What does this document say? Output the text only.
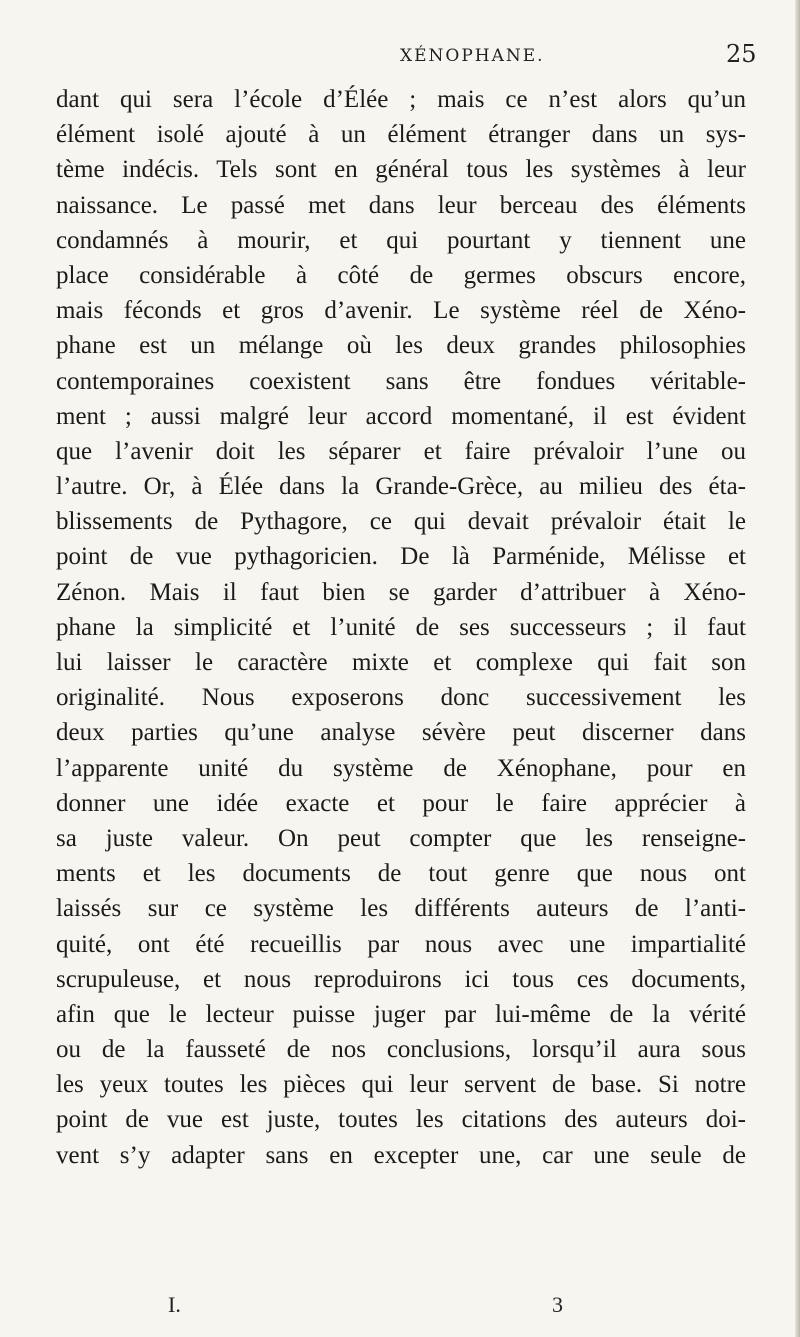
XÉNOPHANE.	25
dant qui sera l’école d’Élée ; mais ce n’est alors qu’un
élément isolé ajouté à un élément étranger dans un sys-
tème indécis. Tels sont en général tous les systèmes à leur
naissance. Le passé met dans leur berceau des éléments
condamnés à mourir, et qui pourtant y tiennent une
place considérable à côté de germes obscurs encore,
mais féconds et gros d’avenir. Le système réel de Xéno-
phane est un mélange où les deux grandes philosophies
contemporaines coexistent sans être fondues véritable-
ment ; aussi malgré leur accord momentané, il est évident
que l’avenir doit les séparer et faire prévaloir l’une ou
l’autre. Or, à Élée dans la Grande-Grèce, au milieu des éta-
blissements de Pythagore, ce qui devait prévaloir était le
point de vue pythagoricien. De là Parménide, Mélisse et
Zénon. Mais il faut bien se garder d’attribuer à Xéno-
phane la simplicité et l’unité de ses successeurs ; il faut
lui laisser le caractère mixte et complexe qui fait son
originalité. Nous exposerons donc successivement les
deux parties qu’une analyse sévère peut discerner dans
l’apparente unité du système de Xénophane, pour en
donner une idée exacte et pour le faire apprécier à
sa juste valeur. On peut compter que les renseigne-
ments et les documents de tout genre que nous ont
laissés sur ce système les différents auteurs de l’anti-
quité, ont été recueillis par nous avec une impartialité
scrupuleuse, et nous reproduirons ici tous ces documents,
afin que le lecteur puisse juger par lui-même de la vérité
ou de la fausseté de nos conclusions, lorsqu’il aura sous
les yeux toutes les pièces qui leur servent de base. Si notre
point de vue est juste, toutes les citations des auteurs doi-
vent s’y adapter sans en excepter une, car une seule de
I.	3
